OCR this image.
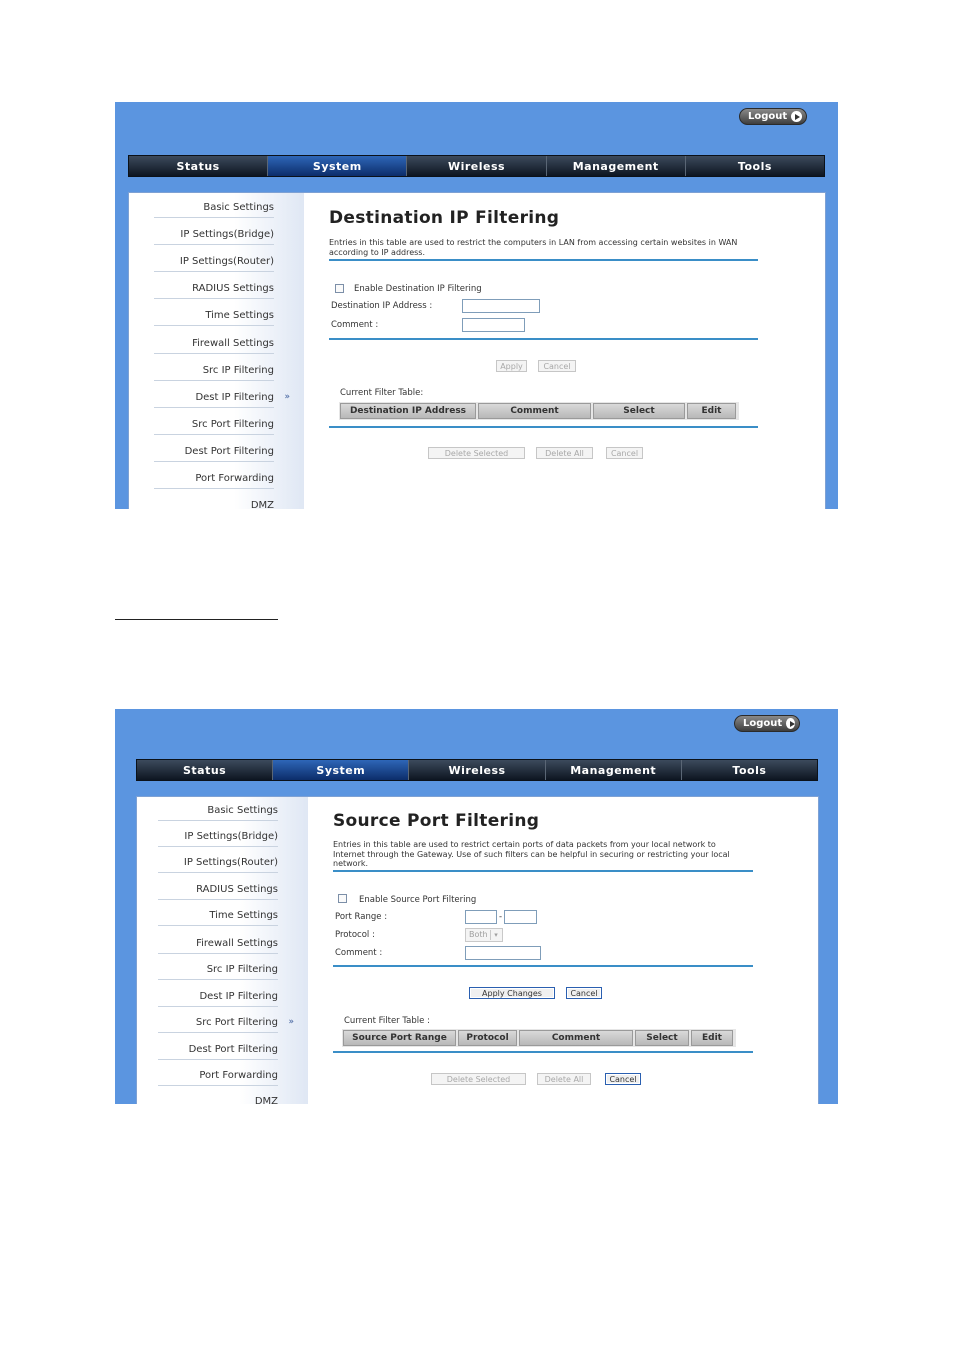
Logout
Status	System	Wireless	Management	Tools
Basic Settings
IP Settings(Bridge)
IP Settings(Router)
RADIUS Settings
Time Settings
Firewall Settings
Src IP Filtering
Dest IP Filtering »
Src Port Filtering
Dest Port Filtering
Port Forwarding
DMZ
Destination IP Filtering
Entries in this table are used to restrict the computers in LAN from accessing certain websites in WAN according to IP address.
Enable Destination IP Filtering
Destination IP Address :
Comment :
Apply	Cancel
Current Filter Table:
Destination IP Address	Comment	Select	Edit
Delete Selected	Delete All	Cancel
Logout
Status	System	Wireless	Management	Tools
Basic Settings
IP Settings(Bridge)
IP Settings(Router)
RADIUS Settings
Time Settings
Firewall Settings
Src IP Filtering
Dest IP Filtering
Src Port Filtering »
Dest Port Filtering
Port Forwarding
DMZ
Source Port Filtering
Entries in this table are used to restrict certain ports of data packets from your local network to Internet through the Gateway. Use of such filters can be helpful in securing or restricting your local network.
Enable Source Port Filtering
Port Range :	-
Protocol :	Both ▾
Comment :
Apply Changes	Cancel
Current Filter Table :
Source Port Range	Protocol	Comment	Select	Edit
Delete Selected	Delete All	Cancel
